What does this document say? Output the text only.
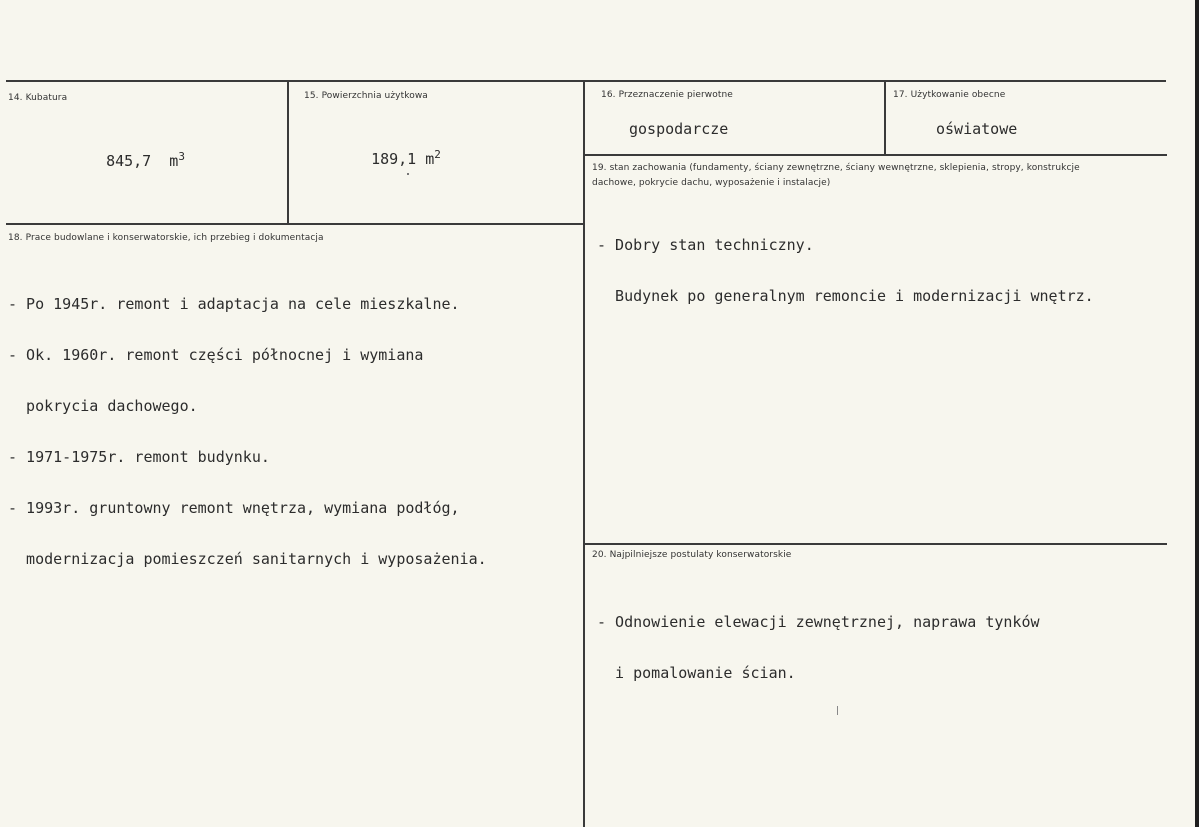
14. Kubatura

845,7 $m^3$

15. Powierzchnia użytkowa

189,1 $m^2$

16. Przeznaczenie pierwotne
gospodarcze
17. Użytkowanie obecne
oświatowe
18. Prace budowlane i konserwatorskie, ich przebieg i dokumentacja

- Po 1945r. remont i adaptacja na cele mieszkalne.

- Ok. 1960r. remont części północnej i wymiana

pokrycia dachowego.

- 1971-1975r. remont budynku.

- 1993r. gruntowny remont wnętrza, wymiana podłóg,

modernizacja pomieszczeń sanitarnych i wyposażenia.

19. stan zachowania (fundamenty, ściany zewnętrzne, ściany wewnętrzne, sklepienia, stropy, konstrukcje dachowe, pokrycie dachu, wyposażenie i instalacje)

- Dobry stan techniczny.

Budynek po generalnym remoncie i modernizacji wnętrz.

20. Najpilniejsze postulaty konserwatorskie

- Odnowienie elewacji zewnętrznej, naprawa tynków

i pomalowanie ścian.
